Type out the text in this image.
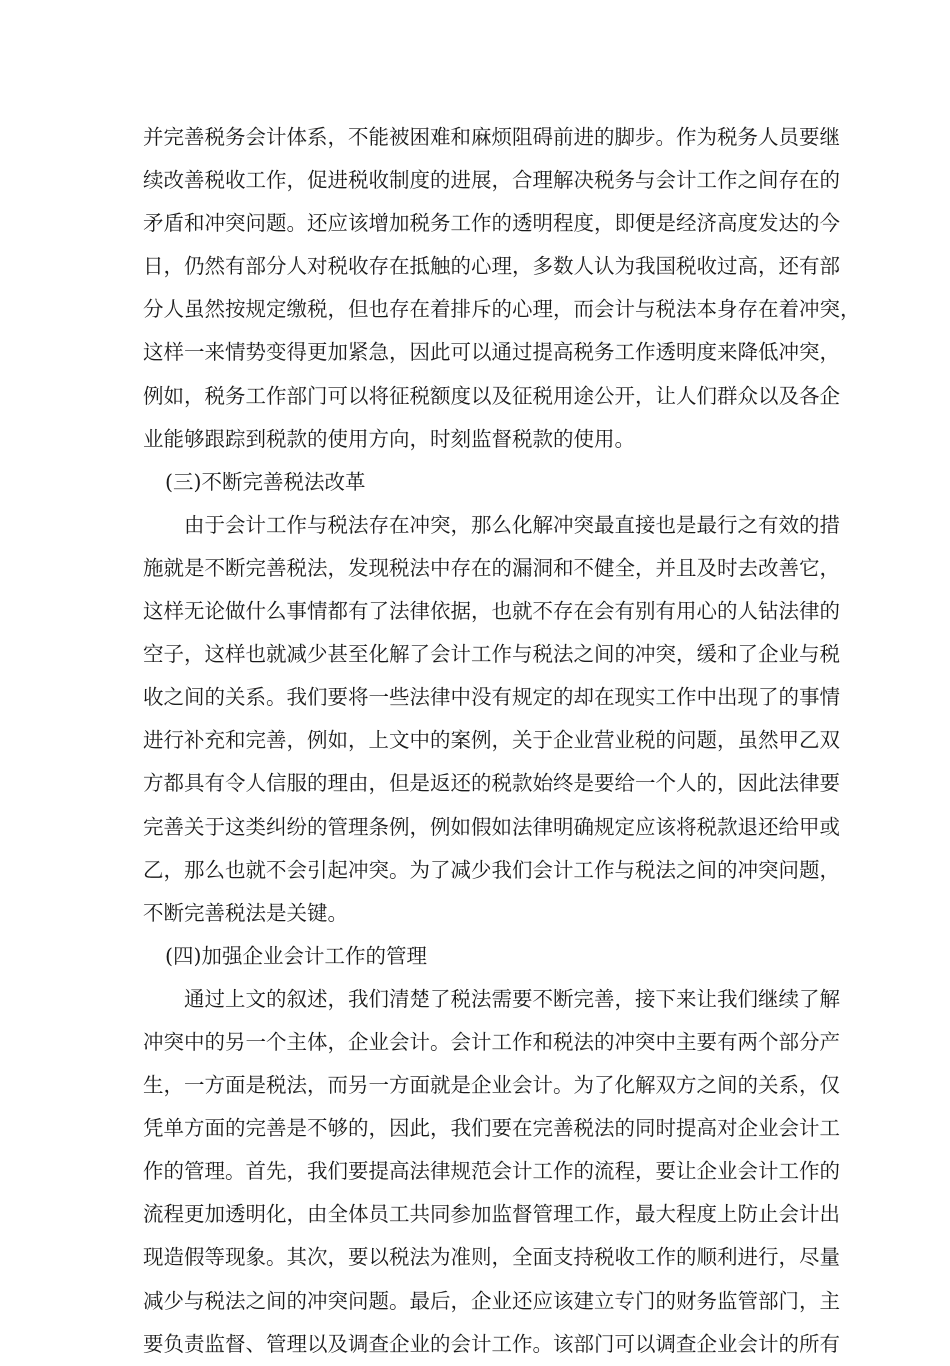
并完善税务会计体系，不能被困难和麻烦阻碍前进的脚步。作为税务人员要继
续改善税收工作，促进税收制度的进展，合理解决税务与会计工作之间存在的
矛盾和冲突问题。还应该增加税务工作的透明程度，即便是经济高度发达的今
日，仍然有部分人对税收存在抵触的心理，多数人认为我国税收过高，还有部
分人虽然按规定缴税，但也存在着排斥的心理，而会计与税法本身存在着冲突，
这样一来情势变得更加紧急，因此可以通过提高税务工作透明度来降低冲突，
例如，税务工作部门可以将征税额度以及征税用途公开，让人们群众以及各企
业能够跟踪到税款的使用方向，时刻监督税款的使用。
(三)不断完善税法改革
　　由于会计工作与税法存在冲突，那么化解冲突最直接也是最行之有效的措
施就是不断完善税法，发现税法中存在的漏洞和不健全，并且及时去改善它，
这样无论做什么事情都有了法律依据，也就不存在会有别有用心的人钻法律的
空子，这样也就减少甚至化解了会计工作与税法之间的冲突，缓和了企业与税
收之间的关系。我们要将一些法律中没有规定的却在现实工作中出现了的事情
进行补充和完善，例如，上文中的案例，关于企业营业税的问题，虽然甲乙双
方都具有令人信服的理由，但是返还的税款始终是要给一个人的，因此法律要
完善关于这类纠纷的管理条例，例如假如法律明确规定应该将税款退还给甲或
乙，那么也就不会引起冲突。为了减少我们会计工作与税法之间的冲突问题，
不断完善税法是关键。
(四)加强企业会计工作的管理
　　通过上文的叙述，我们清楚了税法需要不断完善，接下来让我们继续了解
冲突中的另一个主体，企业会计。会计工作和税法的冲突中主要有两个部分产
生，一方面是税法，而另一方面就是企业会计。为了化解双方之间的关系，仅
凭单方面的完善是不够的，因此，我们要在完善税法的同时提高对企业会计工
作的管理。首先，我们要提高法律规范会计工作的流程，要让企业会计工作的
流程更加透明化，由全体员工共同参加监督管理工作，最大程度上防止会计出
现造假等现象。其次，要以税法为准则，全面支持税收工作的顺利进行，尽量
减少与税法之间的冲突问题。最后，企业还应该建立专门的财务监管部门，主
要负责监督、管理以及调查企业的会计工作。该部门可以调查企业会计的所有
